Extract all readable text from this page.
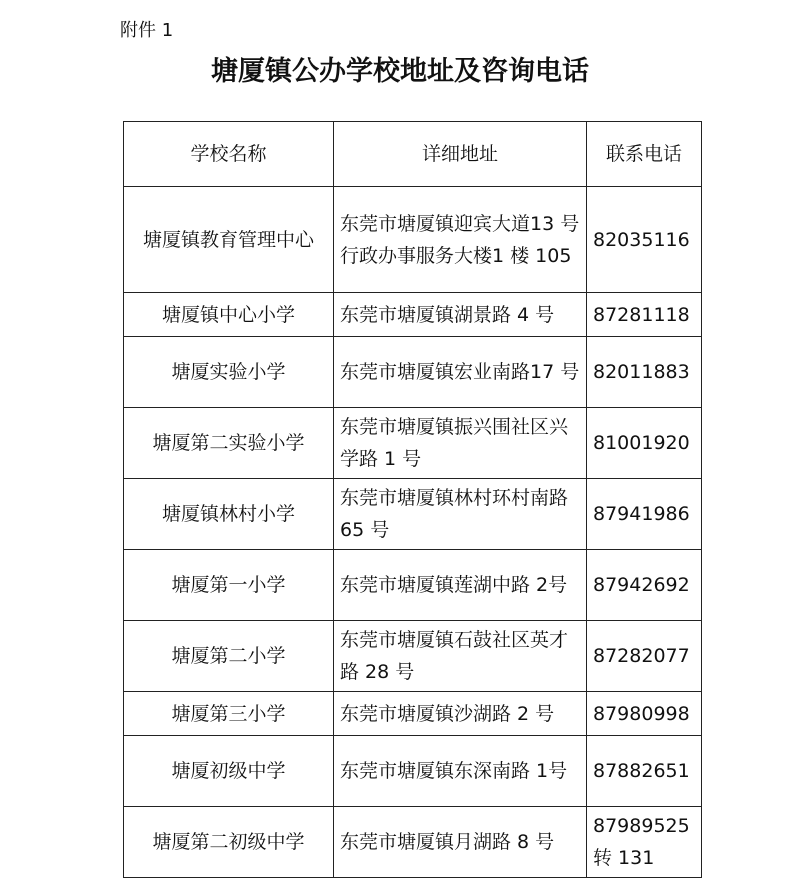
附件 1
塘厦镇公办学校地址及咨询电话
学校名称	详细地址	联系电话
塘厦镇教育管理中心	东莞市塘厦镇迎宾大道13 号行政办事服务大楼1 楼 105	82035116
塘厦镇中心小学	东莞市塘厦镇湖景路 4 号	87281118
塘厦实验小学	东莞市塘厦镇宏业南路17 号	82011883
塘厦第二实验小学	东莞市塘厦镇振兴围社区兴学路 1 号	81001920
塘厦镇林村小学	东莞市塘厦镇林村环村南路 65 号	87941986
塘厦第一小学	东莞市塘厦镇莲湖中路 2号	87942692
塘厦第二小学	东莞市塘厦镇石鼓社区英才路 28 号	87282077
塘厦第三小学	东莞市塘厦镇沙湖路 2 号	87980998
塘厦初级中学	东莞市塘厦镇东深南路 1号	87882651
塘厦第二初级中学	东莞市塘厦镇月湖路 8 号	87989525转 131
